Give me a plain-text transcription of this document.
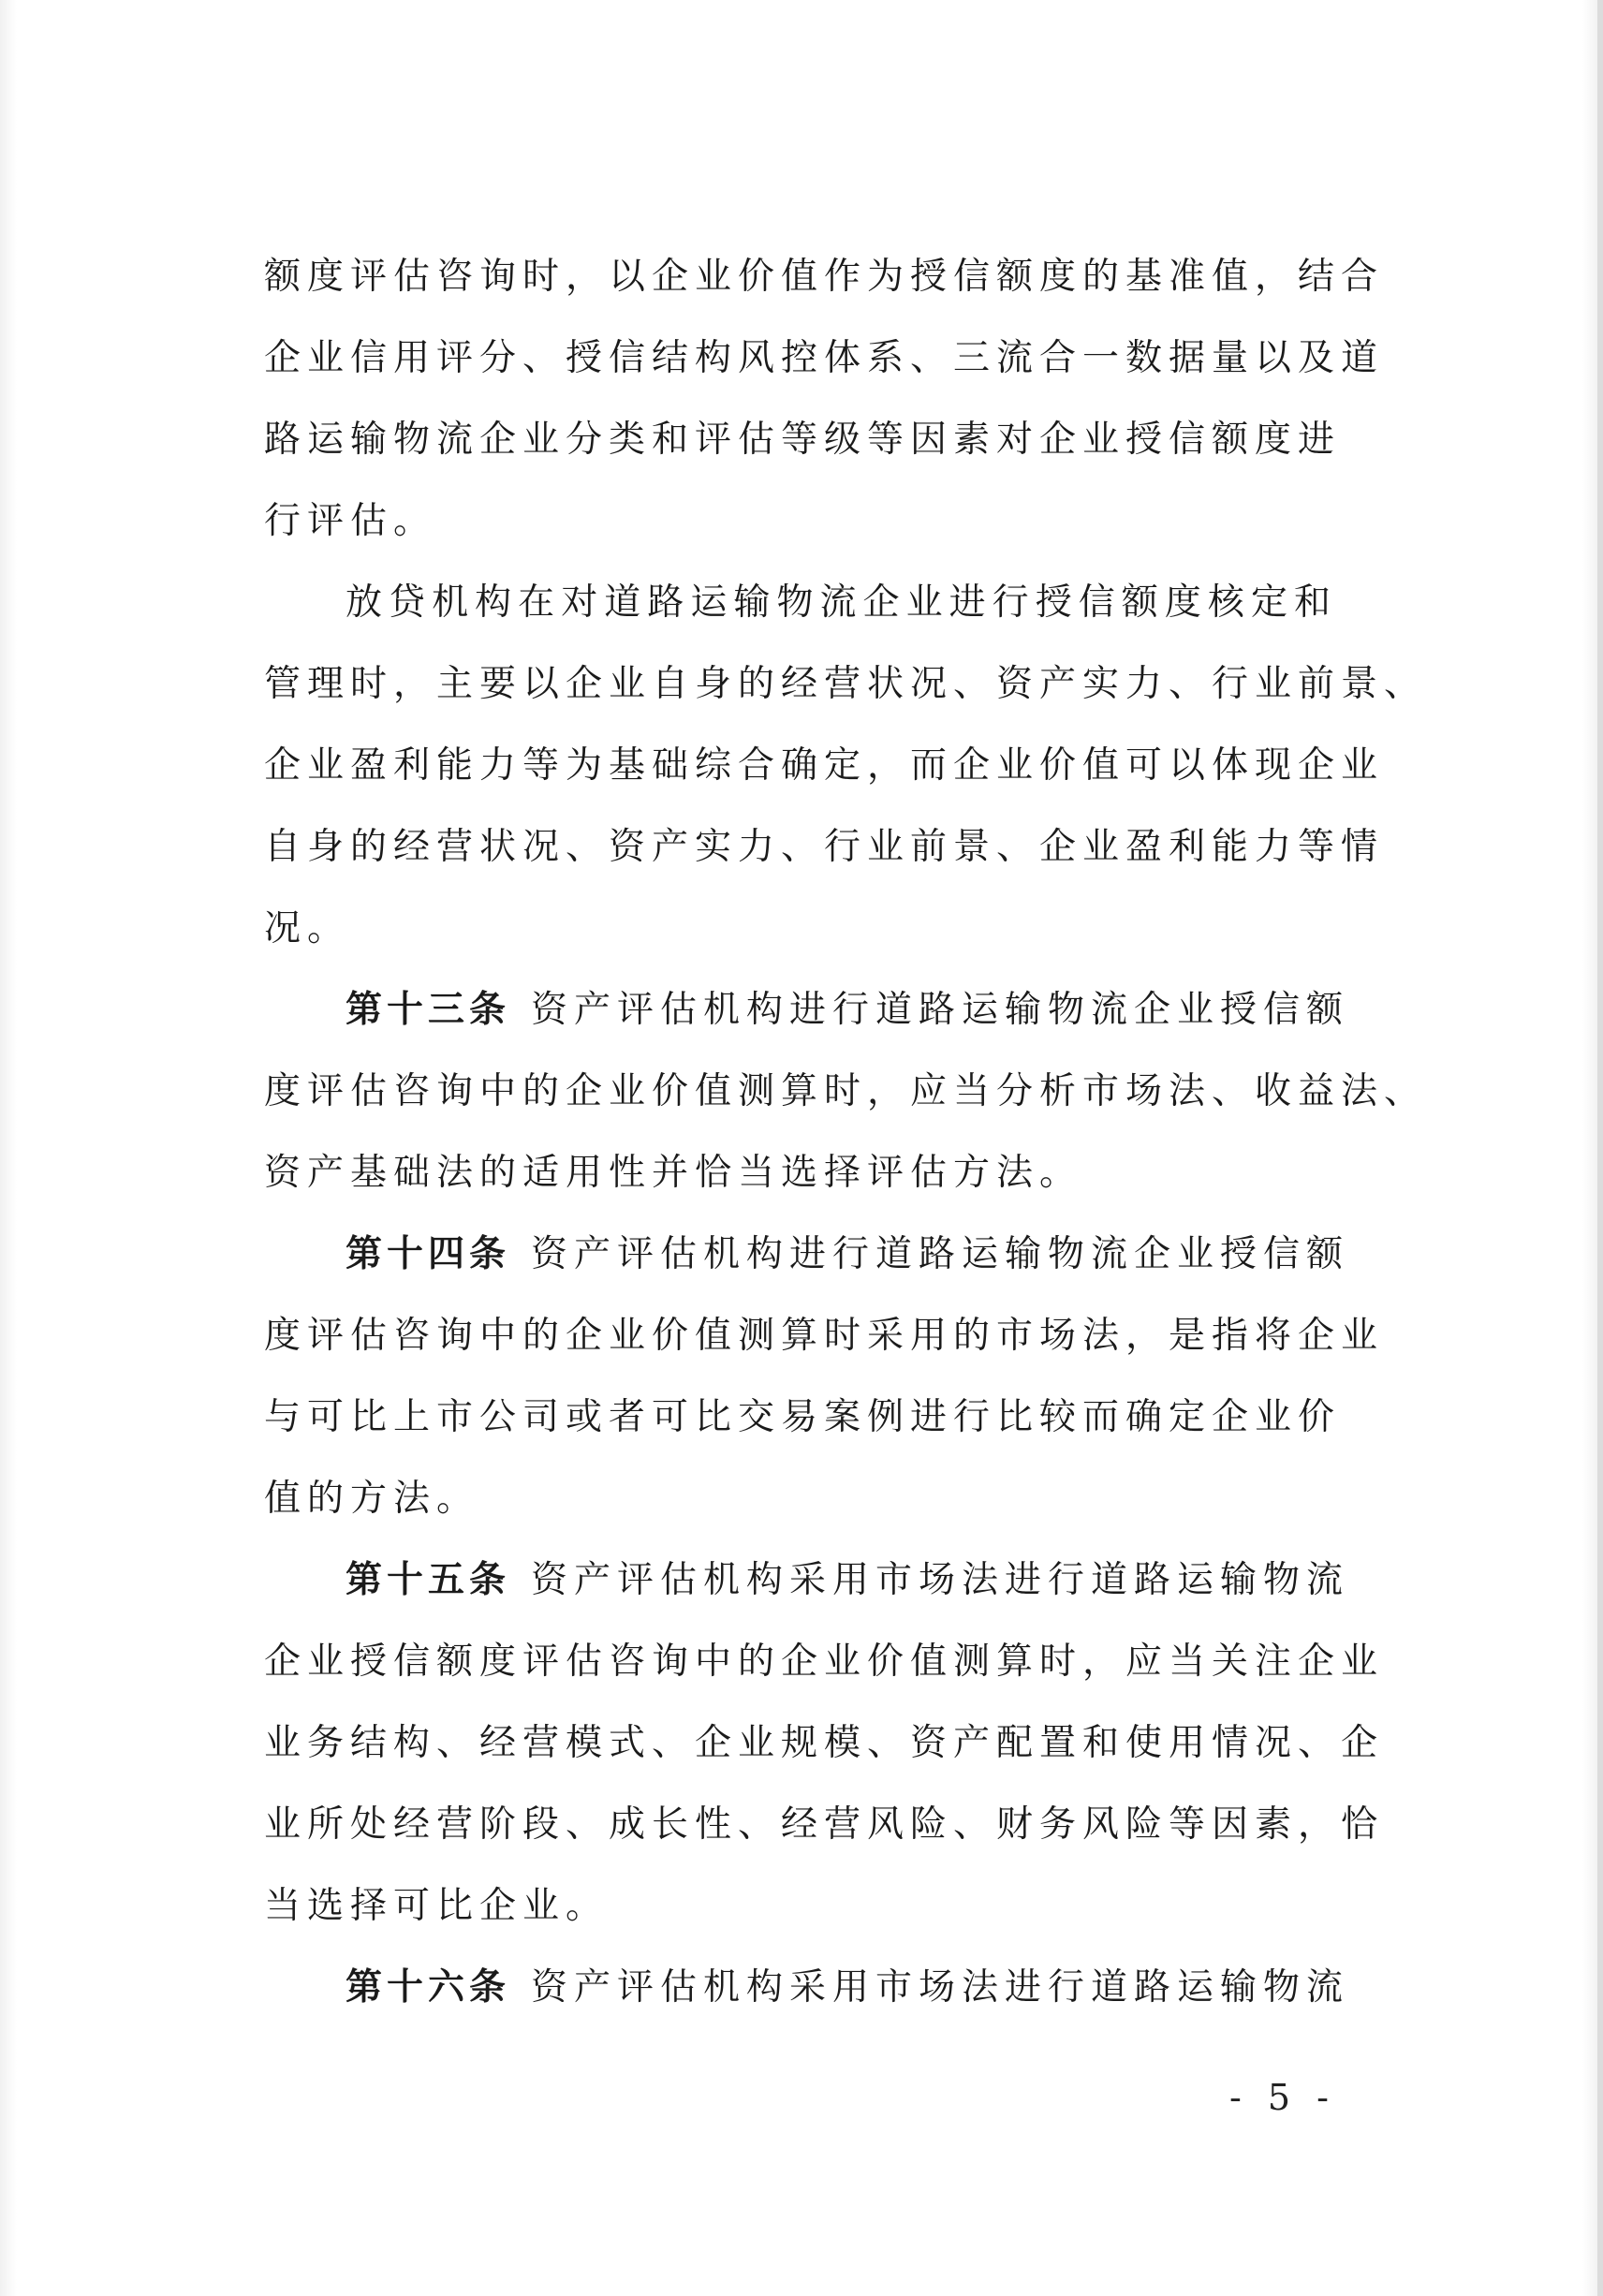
额度评估咨询时，以企业价值作为授信额度的基准值，结合
企业信用评分、授信结构风控体系、三流合一数据量以及道
路运输物流企业分类和评估等级等因素对企业授信额度进
行评估。
放贷机构在对道路运输物流企业进行授信额度核定和
管理时，主要以企业自身的经营状况、资产实力、行业前景、
企业盈利能力等为基础综合确定，而企业价值可以体现企业
自身的经营状况、资产实力、行业前景、企业盈利能力等情
况。
第十三条 资产评估机构进行道路运输物流企业授信额
度评估咨询中的企业价值测算时，应当分析市场法、收益法、
资产基础法的适用性并恰当选择评估方法。
第十四条 资产评估机构进行道路运输物流企业授信额
度评估咨询中的企业价值测算时采用的市场法，是指将企业
与可比上市公司或者可比交易案例进行比较而确定企业价
值的方法。
第十五条 资产评估机构采用市场法进行道路运输物流
企业授信额度评估咨询中的企业价值测算时，应当关注企业
业务结构、经营模式、企业规模、资产配置和使用情况、企
业所处经营阶段、成长性、经营风险、财务风险等因素，恰
当选择可比企业。
第十六条 资产评估机构采用市场法进行道路运输物流
- 5 -
